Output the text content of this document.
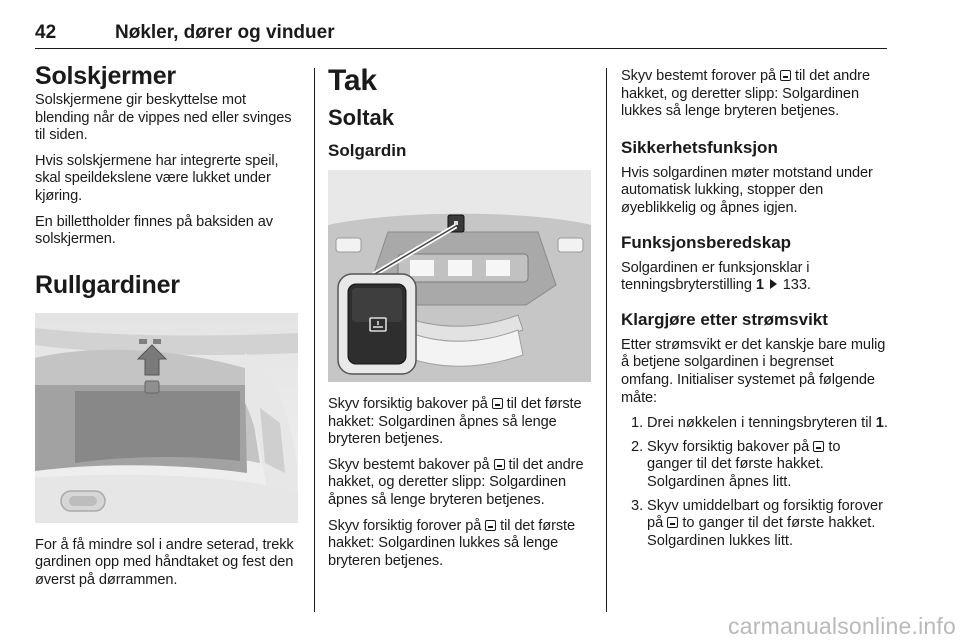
42	Nøkler, dører og vinduer
Solskjermer

Solskjermene gir beskyttelse mot blending når de vippes ned eller svinges til siden.

Hvis solskjermene har integrerte speil, skal speildekslene være lukket under kjøring.

En billettholder finnes på baksiden av solskjermen.

Rullgardiner

For å få mindre sol i andre seterad, trekk gardinen opp med håndtaket og fest den øverst på dørrammen.

Tak
Soltak
Solgardin

Skyv forsiktig bakover på til det første hakket: Solgardinen åpnes så lenge bryteren betjenes.

Skyv bestemt bakover på til det andre hakket, og deretter slipp: Solgardinen åpnes så lenge bryteren betjenes.

Skyv forsiktig forover på til det første hakket: Solgardinen lukkes så lenge bryteren betjenes.

Skyv bestemt forover på til det andre hakket, og deretter slipp: Solgardinen lukkes så lenge bryteren betjenes.

Sikkerhetsfunksjon

Hvis solgardinen møter motstand under automatisk lukking, stopper den øyeblikkelig og åpnes igjen.

Funksjonsberedskap

Solgardinen er funksjonsklar i tenningsbryterstilling 1 133.

Klargjøre etter strømsvikt

Etter strømsvikt er det kanskje bare mulig å betjene solgardinen i begrenset omfang. Initialiser systemet på følgende måte:

1. Drei nøkkelen i tenningsbryteren til 1.
2. Skyv forsiktig bakover på to ganger til det første hakket. Solgardinen åpnes litt.
3. Skyv umiddelbart og forsiktig forover på to ganger til det første hakket. Solgardinen lukkes litt.
carmanualsonline.info
